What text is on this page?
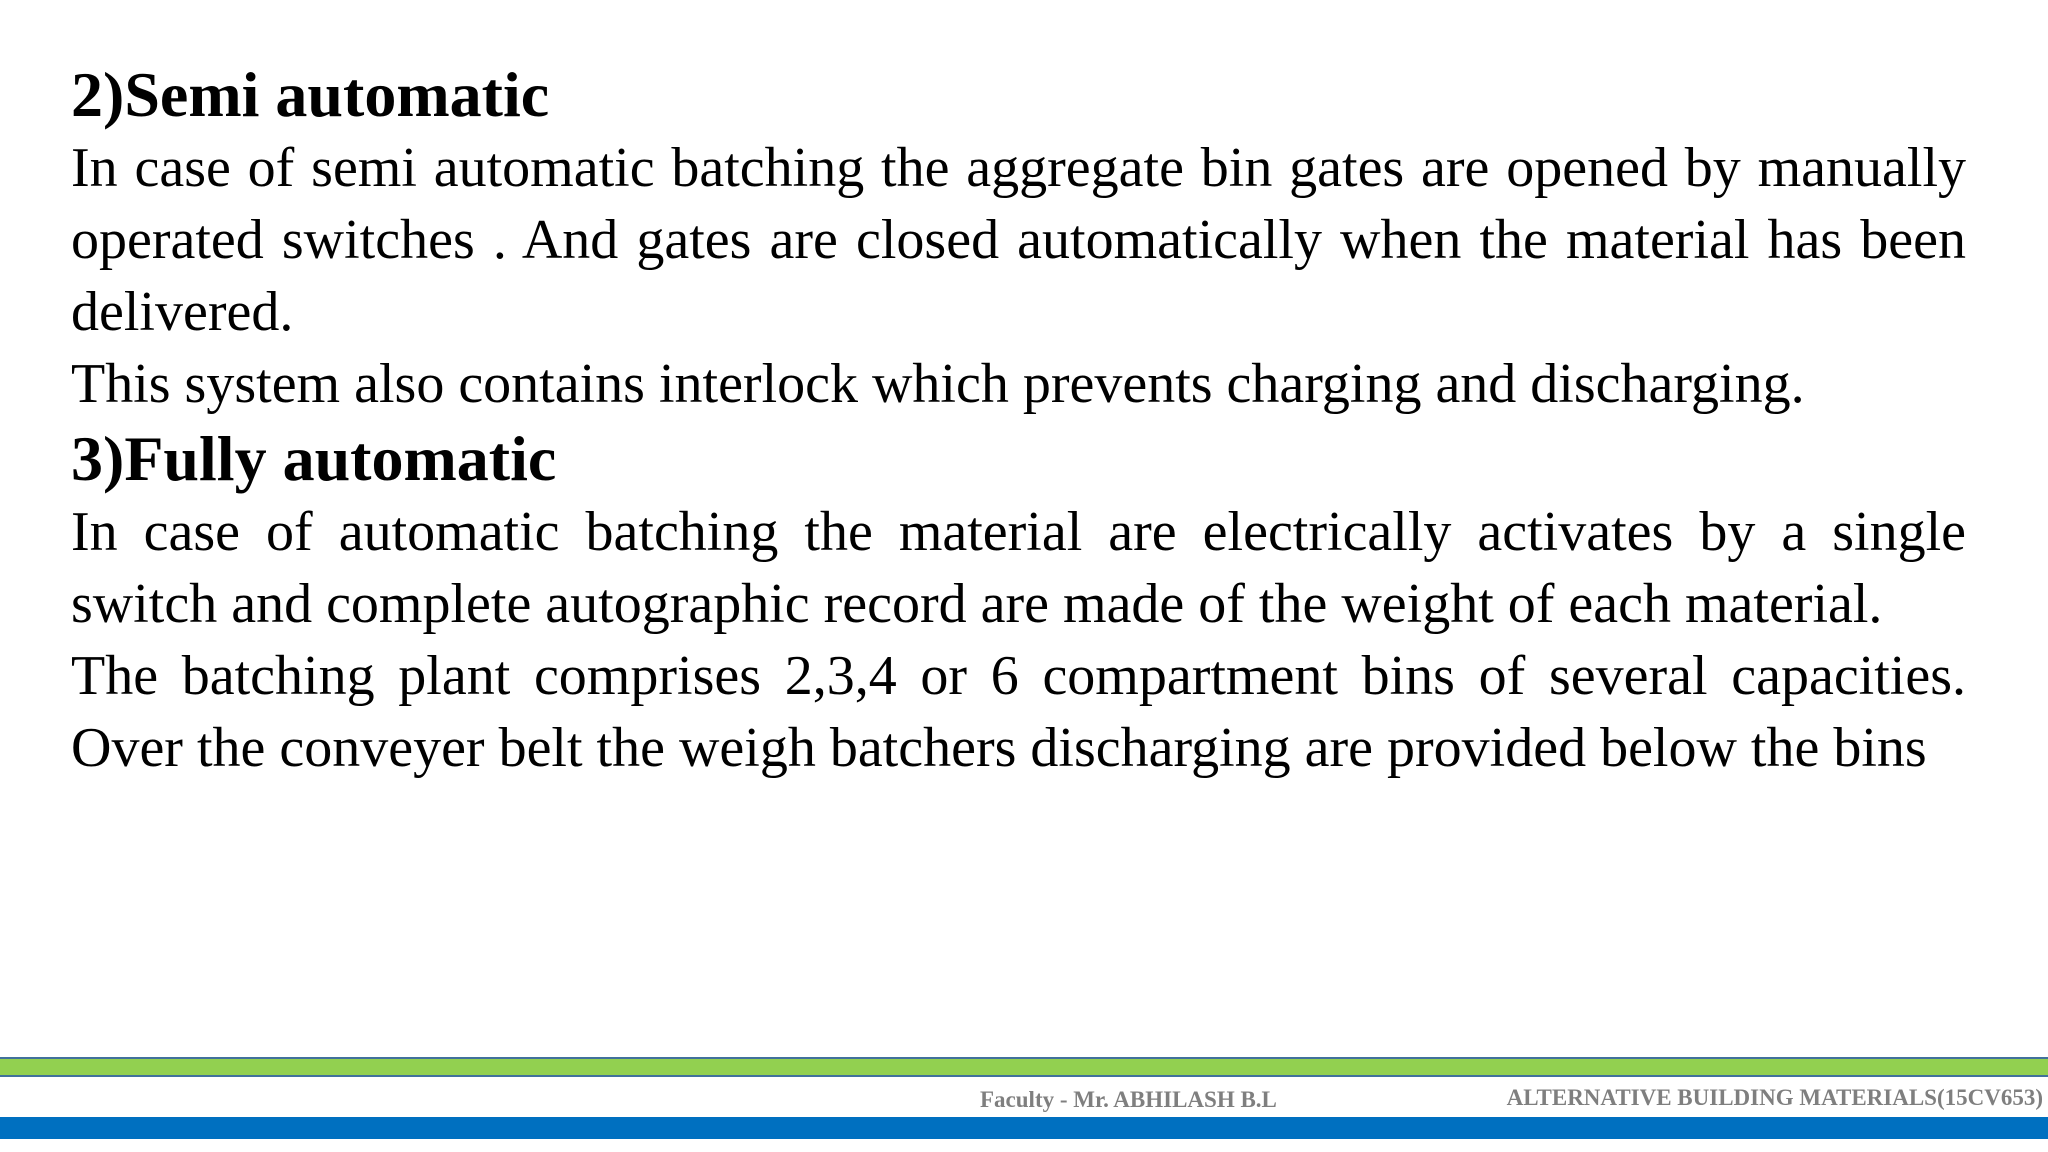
2)Semi automatic

In case of semi automatic batching the aggregate bin gates are opened by manually operated switches . And gates are closed automatically when the material has been delivered.

This system also contains interlock which prevents charging and discharging.

3)Fully automatic

In case of automatic batching the material are electrically activates by a single switch and complete autographic record are made of the weight of each material.

The batching plant comprises 2,3,4 or 6 compartment bins of several capacities. Over the conveyer belt the weigh batchers discharging are provided below the bins

Faculty - Mr. ABHILASH B.L	ALTERNATIVE BUILDING MATERIALS(15CV653)
